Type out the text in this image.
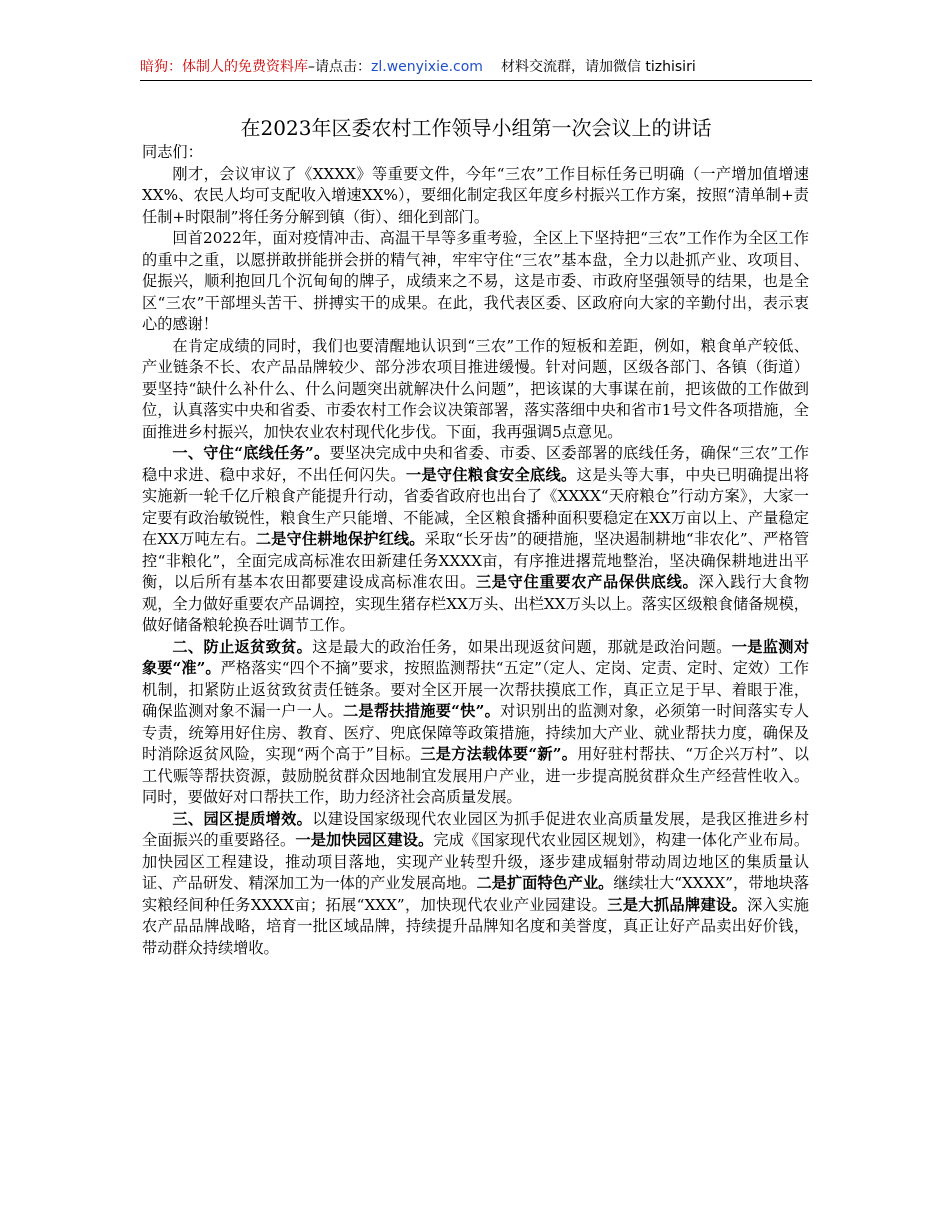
暗狗：体制人的免费资料库–请点击：zl.wenyixie.com 材料交流群，请加微信 tizhisiri
在2023年区委农村工作领导小组第一次会议上的讲话

同志们：

刚才，会议审议了《XXXX》等重要文件，今年“三农”工作目标任务已明确（一产增加值增速XX%、农民人均可支配收入增速XX%），要细化制定我区年度乡村振兴工作方案，按照“清单制+责任制+时限制”将任务分解到镇（街）、细化到部门。

回首2022年，面对疫情冲击、高温干旱等多重考验，全区上下坚持把“三农”工作作为全区工作的重中之重，以愿拼敢拼能拼会拼的精气神，牢牢守住“三农”基本盘，全力以赴抓产业、攻项目、促振兴，顺利抱回几个沉甸甸的牌子，成绩来之不易，这是市委、市政府坚强领导的结果，也是全区“三农”干部埋头苦干、拼搏实干的成果。在此，我代表区委、区政府向大家的辛勤付出，表示衷心的感谢！

在肯定成绩的同时，我们也要清醒地认识到“三农”工作的短板和差距，例如，粮食单产较低、产业链条不长、农产品品牌较少、部分涉农项目推进缓慢。针对问题，区级各部门、各镇（街道）要坚持“缺什么补什么、什么问题突出就解决什么问题”，把该谋的大事谋在前，把该做的工作做到位，认真落实中央和省委、市委农村工作会议决策部署，落实落细中央和省市1号文件各项措施，全面推进乡村振兴，加快农业农村现代化步伐。下面，我再强调5点意见。

一、守住“底线任务”。要坚决完成中央和省委、市委、区委部署的底线任务，确保“三农”工作稳中求进、稳中求好，不出任何闪失。一是守住粮食安全底线。这是头等大事，中央已明确提出将实施新一轮千亿斤粮食产能提升行动，省委省政府也出台了《XXXX“天府粮仓”行动方案》，大家一定要有政治敏锐性，粮食生产只能增、不能减，全区粮食播种面积要稳定在XX万亩以上、产量稳定在XX万吨左右。二是守住耕地保护红线。采取“长牙齿”的硬措施，坚决遏制耕地“非农化”、严格管控“非粮化”，全面完成高标准农田新建任务XXXX亩，有序推进撂荒地整治，坚决确保耕地进出平衡，以后所有基本农田都要建设成高标准农田。三是守住重要农产品保供底线。深入践行大食物观，全力做好重要农产品调控，实现生猪存栏XX万头、出栏XX万头以上。落实区级粮食储备规模，做好储备粮轮换吞吐调节工作。

二、防止返贫致贫。这是最大的政治任务，如果出现返贫问题，那就是政治问题。一是监测对象要“准”。严格落实“四个不摘”要求，按照监测帮扶“五定”（定人、定岗、定责、定时、定效）工作机制，扣紧防止返贫致贫责任链条。要对全区开展一次帮扶摸底工作，真正立足于早、着眼于准，确保监测对象不漏一户一人。二是帮扶措施要“快”。对识别出的监测对象，必须第一时间落实专人专责，统筹用好住房、教育、医疗、兜底保障等政策措施，持续加大产业、就业帮扶力度，确保及时消除返贫风险，实现“两个高于”目标。三是方法载体要“新”。用好驻村帮扶、“万企兴万村”、以工代赈等帮扶资源，鼓励脱贫群众因地制宜发展用户产业，进一步提高脱贫群众生产经营性收入。同时，要做好对口帮扶工作，助力经济社会高质量发展。

三、园区提质增效。以建设国家级现代农业园区为抓手促进农业高质量发展，是我区推进乡村全面振兴的重要路径。一是加快园区建设。完成《国家现代农业园区规划》，构建一体化产业布局。加快园区工程建设，推动项目落地，实现产业转型升级，逐步建成辐射带动周边地区的集质量认证、产品研发、精深加工为一体的产业发展高地。二是扩面特色产业。继续壮大“XXXX”，带地块落实粮经间种任务XXXX亩；拓展“XXX”，加快现代农业产业园建设。三是大抓品牌建设。深入实施农产品品牌战略，培育一批区域品牌，持续提升品牌知名度和美誉度，真正让好产品卖出好价钱，带动群众持续增收。
